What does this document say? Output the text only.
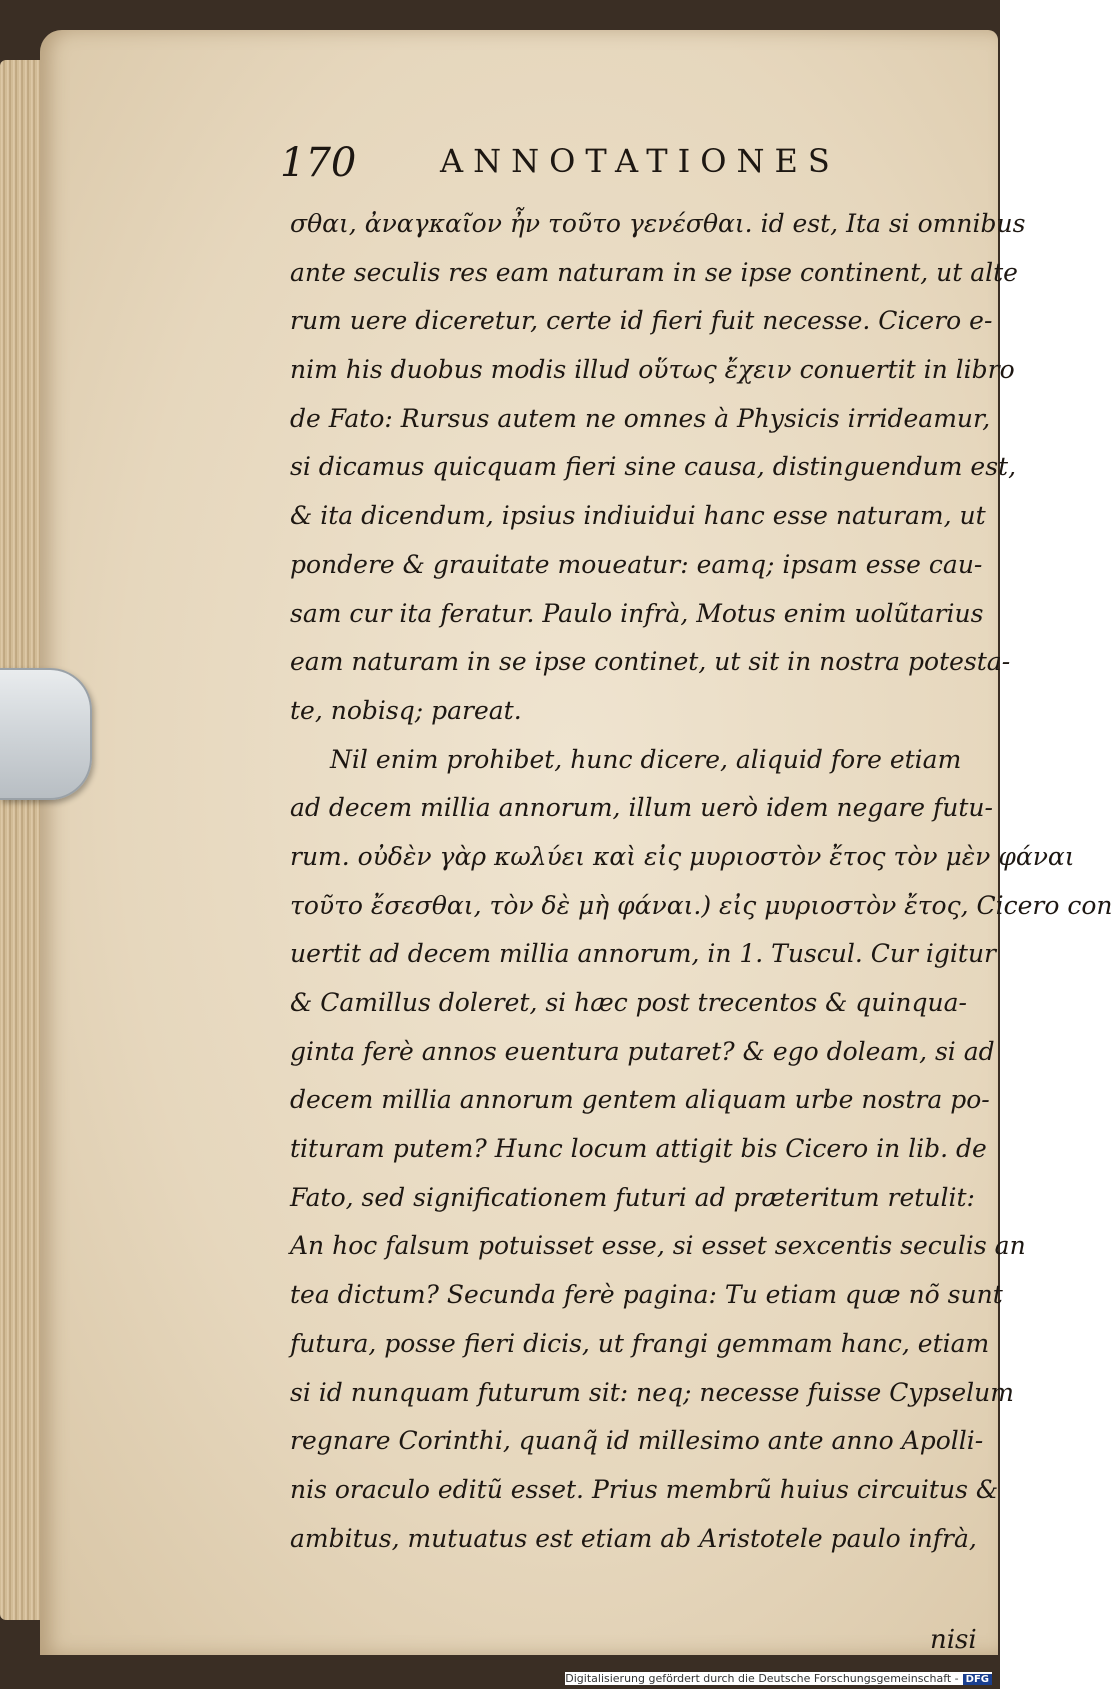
170	ANNOTATIONES
σθαι, ἀναγκαῖον ἦν τοῦτο γενέσθαι. id est, Ita si omnibus
ante seculis res eam naturam in se ipse continent, ut alte
rum uere diceretur, certe id fieri fuit necesse. Cicero e-
nim his duobus modis illud οὕτως ἔχειν conuertit in libro
de Fato: Rursus autem ne omnes à Physicis irrideamur,
si dicamus quicquam fieri sine causa, distinguendum est,
& ita dicendum, ipsius indiuidui hanc esse naturam, ut
pondere & grauitate moueatur: eamq; ipsam esse cau-
sam cur ita feratur. Paulo infrà, Motus enim uolũtarius
eam naturam in se ipse continet, ut sit in nostra potesta-
te, nobisq; pareat.
Nil enim prohibet, hunc dicere, aliquid fore etiam
ad decem millia annorum, illum uerò idem negare futu-
rum. οὐδὲν γὰρ κωλύει καὶ εἰς μυριοστὸν ἔτος τὸν μὲν φάναι
τοῦτο ἔσεσθαι, τὸν δὲ μὴ φάναι.) εἰς μυριοστὸν ἔτος, Cicero con
uertit ad decem millia annorum, in 1. Tuscul. Cur igitur
& Camillus doleret, si hæc post trecentos & quinqua-
ginta ferè annos euentura putaret? & ego doleam, si ad
decem millia annorum gentem aliquam urbe nostra po-
tituram putem? Hunc locum attigit bis Cicero in lib. de
Fato, sed significationem futuri ad præteritum retulit:
An hoc falsum potuisset esse, si esset sexcentis seculis an
tea dictum? Secunda ferè pagina: Tu etiam quæ nõ sunt
futura, posse fieri dicis, ut frangi gemmam hanc, etiam
si id nunquam futurum sit: neq; necesse fuisse Cypselum
regnare Corinthi, quanq̃ id millesimo ante anno Apolli-
nis oraculo editũ esset. Prius membrũ huius circuitus &
ambitus, mutuatus est etiam ab Aristotele paulo infrà,
nisi
Digitalisierung gefördert durch die Deutsche Forschungsgemeinschaft - DFG
